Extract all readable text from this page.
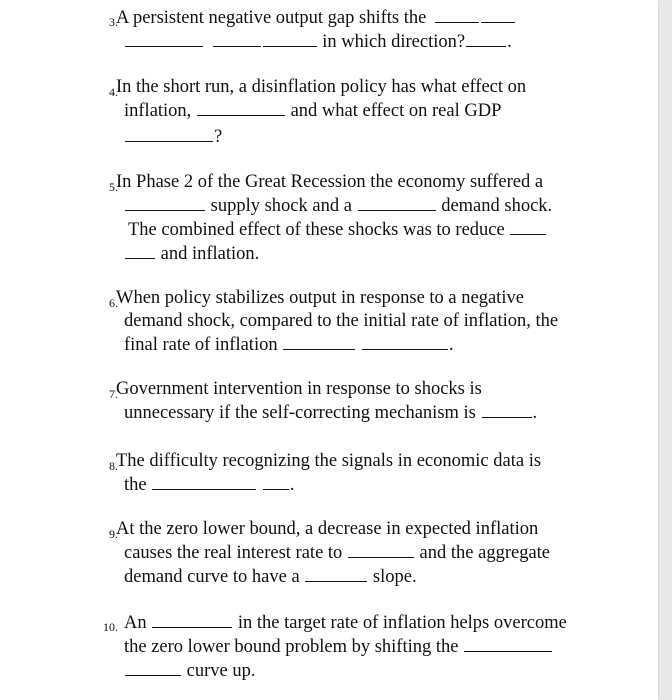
3.
A persistent negative output gap shifts the
in which direction? .
4.
In the short run, a disinflation policy has what effect on
inflation,	and what effect on real GDP
?
5.
In Phase 2 of the Great Recession the economy suffered a
supply shock and a	demand shock.
The combined effect of these shocks was to reduce
and inflation.
6.
When policy stabilizes output in response to a negative
demand shock, compared to the initial rate of inflation, the
final rate of inflation	.
7.
Government intervention in response to shocks is
unnecessary if the self-correcting mechanism is	.
8.
The difficulty recognizing the signals in economic data is
the	.
9.
At the zero lower bound, a decrease in expected inflation
causes the real interest rate to	and the aggregate
demand curve to have a	slope.
10. An	in the target rate of inflation helps overcome
the zero lower bound problem by shifting the
curve up.
